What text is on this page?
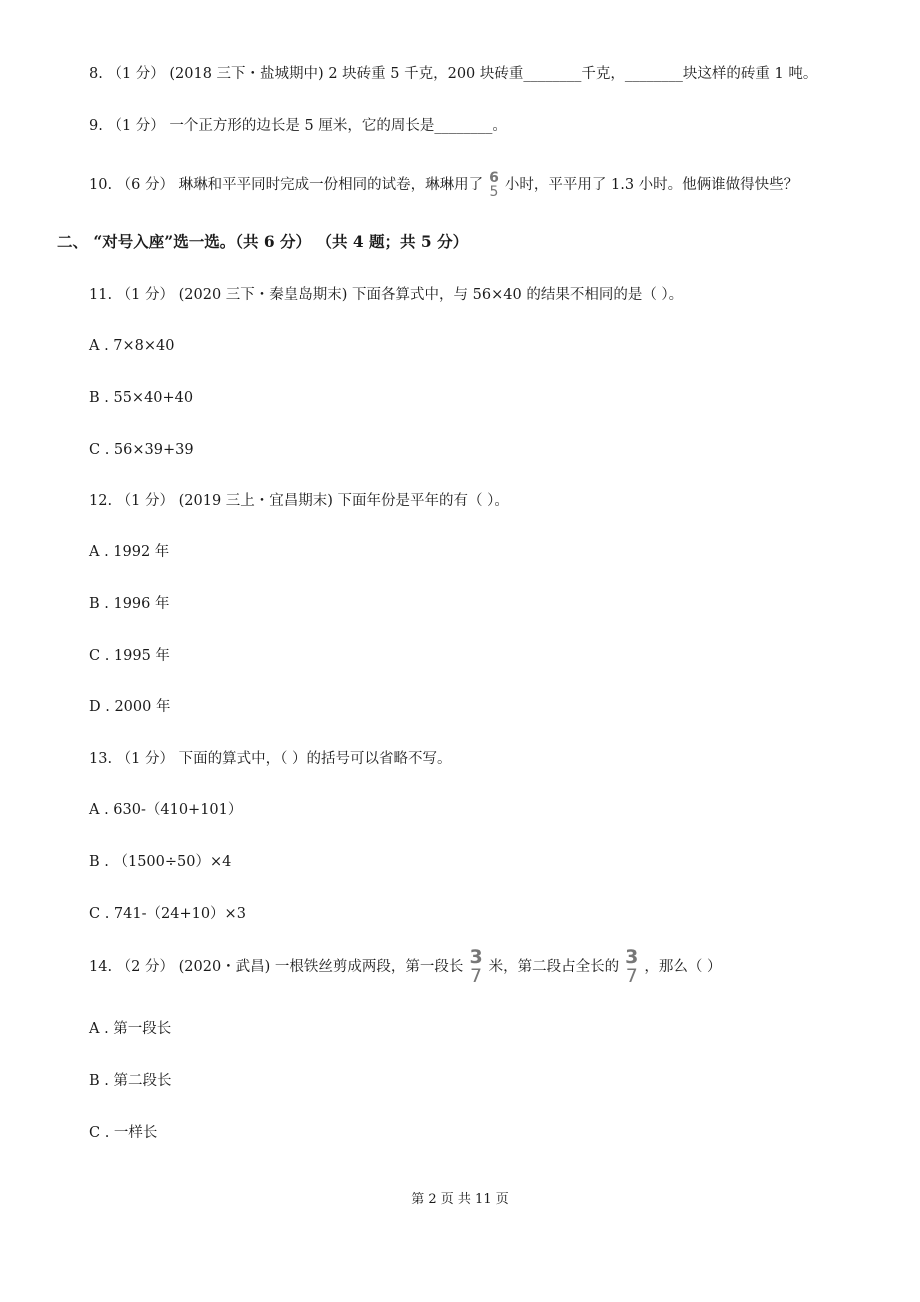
8. （1 分） (2018 三下・盐城期中) 2 块砖重 5 千克，200 块砖重________千克，________块这样的砖重 1 吨。
9. （1 分） 一个正方形的边长是 5 厘米，它的周长是________。
10. （6 分） 琳琳和平平同时完成一份相同的试卷，琳琳用了 6
5 小时，平平用了 1.3 小时。他俩谁做得快些？
二、 “对号入座”选一选。（共 6 分） （共 4 题；共 5 分）
11. （1 分） (2020 三下・秦皇岛期末) 下面各算式中，与 56×40 的结果不相同的是（ ）。
A . 7×8×40
B . 55×40+40
C . 56×39+39
12. （1 分） (2019 三上・宜昌期末) 下面年份是平年的有（ ）。
A . 1992 年
B . 1996 年
C . 1995 年
D . 2000 年
13. （1 分） 下面的算式中，（ ）的括号可以省略不写。
A . 630-（410+101）
B . （1500÷50）×4
C . 741-（24+10）×3
14. （2 分） (2020・武昌) 一根铁丝剪成两段，第一段长 3
7 米，第二段占全长的 3
7 ，那么（ ）
A . 第一段长
B . 第二段长
C . 一样长
第 2 页 共 11 页
